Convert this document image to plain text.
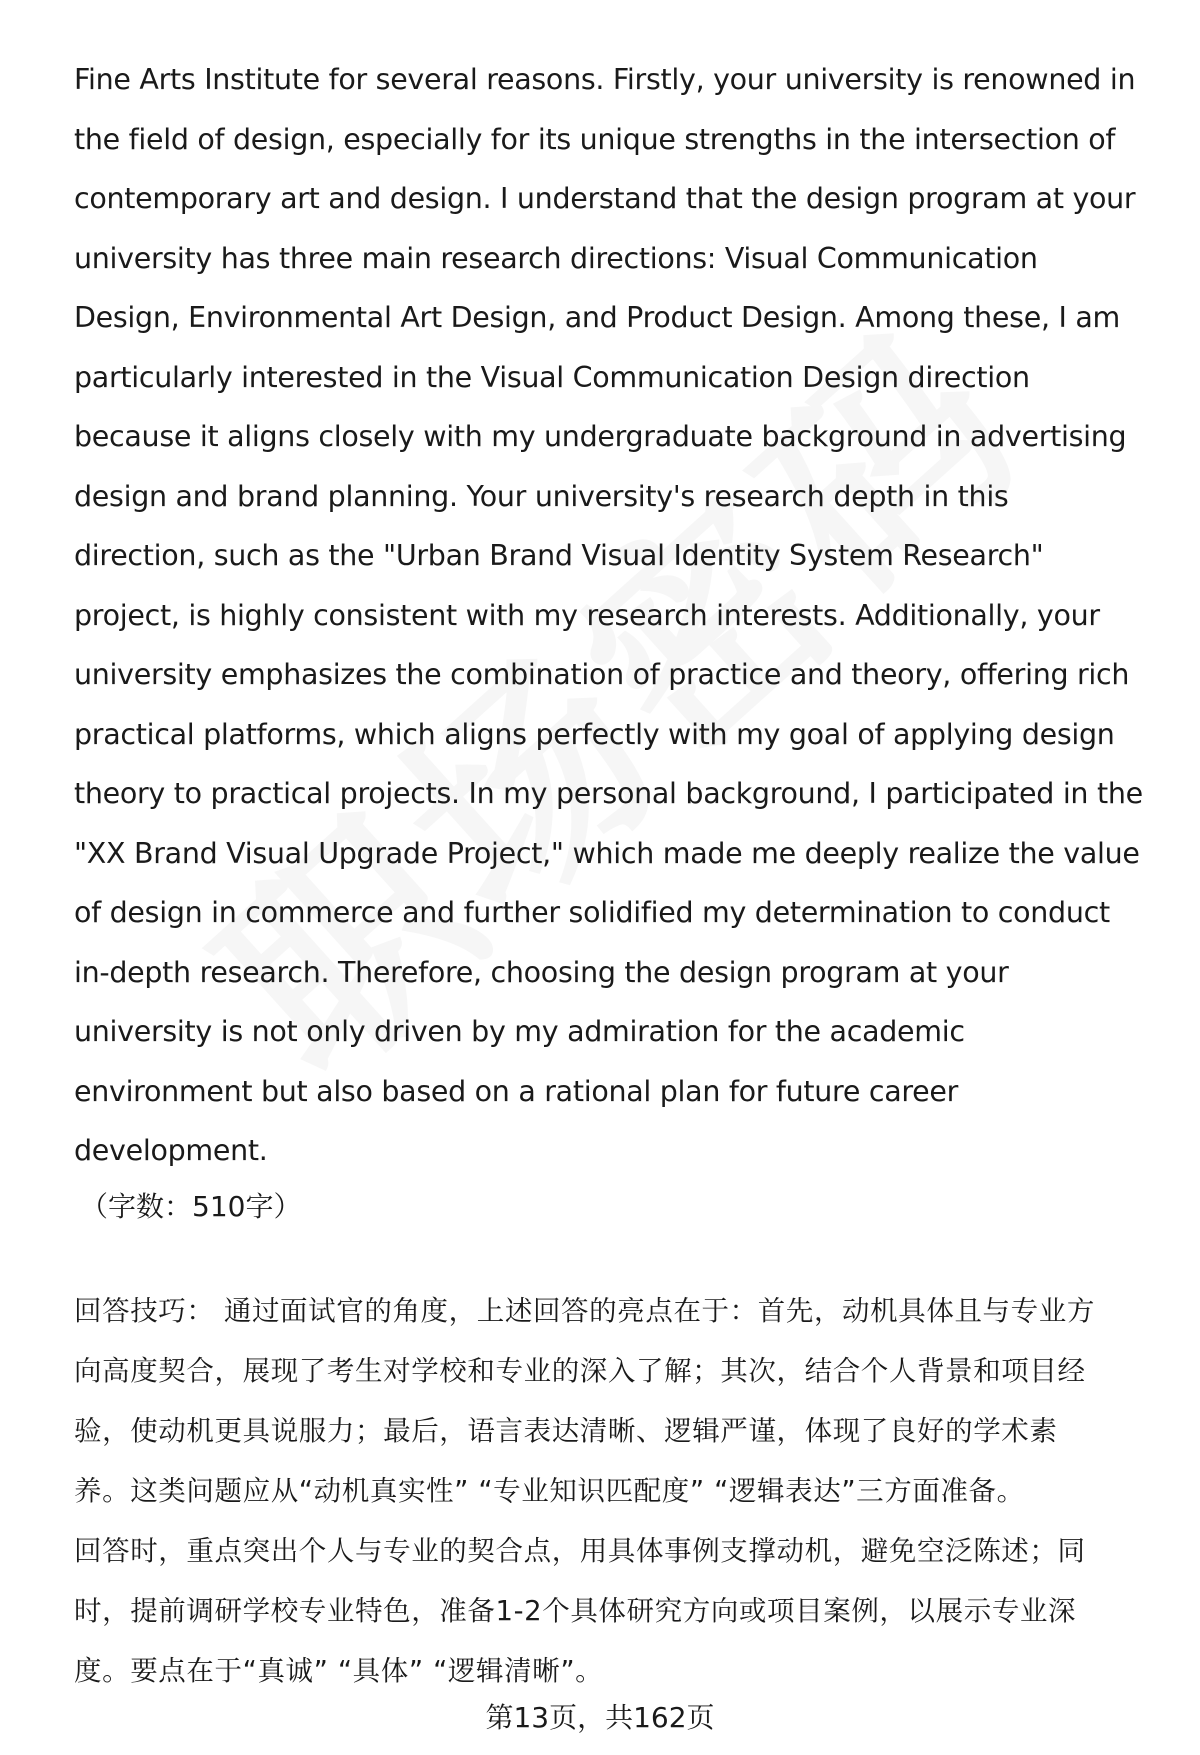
Fine Arts Institute for several reasons. Firstly, your university is renowned in
the field of design, especially for its unique strengths in the intersection of
contemporary art and design. I understand that the design program at your
university has three main research directions: Visual Communication
Design, Environmental Art Design, and Product Design. Among these, I am
particularly interested in the Visual Communication Design direction
because it aligns closely with my undergraduate background in advertising
design and brand planning. Your university's research depth in this
direction, such as the "Urban Brand Visual Identity System Research"
project, is highly consistent with my research interests. Additionally, your
university emphasizes the combination of practice and theory, offering rich
practical platforms, which aligns perfectly with my goal of applying design
theory to practical projects. In my personal background, I participated in the
"XX Brand Visual Upgrade Project," which made me deeply realize the value
of design in commerce and further solidified my determination to conduct
in-depth research. Therefore, choosing the design program at your
university is not only driven by my admiration for the academic
environment but also based on a rational plan for future career
development.
（字数：510字）
回答技巧： 通过面试官的角度，上述回答的亮点在于：首先，动机具体且与专业方
向高度契合，展现了考生对学校和专业的深入了解；其次，结合个人背景和项目经
验，使动机更具说服力；最后，语言表达清晰、逻辑严谨，体现了良好的学术素
养。这类问题应从“动机真实性” “专业知识匹配度” “逻辑表达”三方面准备。
回答时，重点突出个人与专业的契合点，用具体事例支撑动机，避免空泛陈述；同
时，提前调研学校专业特色，准备1-2个具体研究方向或项目案例，以展示专业深
度。要点在于“真诚” “具体” “逻辑清晰”。
第13页，共162页
